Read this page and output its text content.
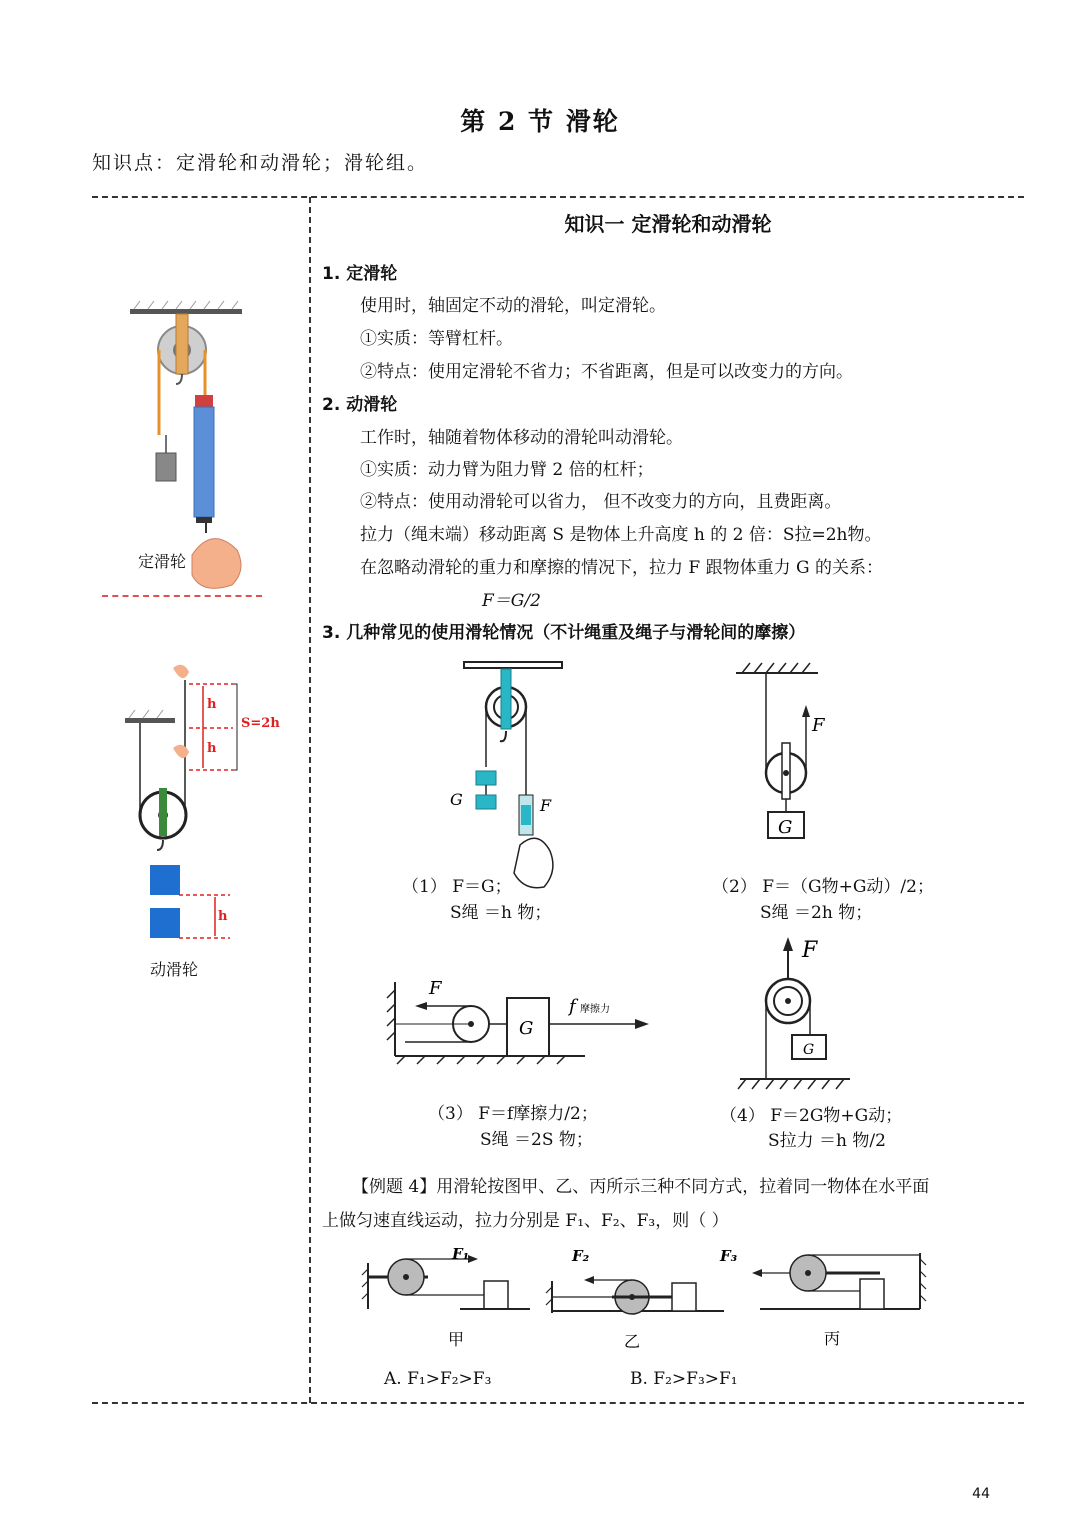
第 2 节 滑轮
知识点：定滑轮和动滑轮；滑轮组。
定滑轮
h
h
S=2h
h
动滑轮
知识一 定滑轮和动滑轮
1. 定滑轮
使用时，轴固定不动的滑轮，叫定滑轮。
①实质：等臂杠杆。
②特点：使用定滑轮不省力；不省距离，但是可以改变力的方向。
2. 动滑轮
工作时，轴随着物体移动的滑轮叫动滑轮。
①实质：动力臂为阻力臂 2 倍的杠杆；
②特点：使用动滑轮可以省力， 但不改变力的方向，且费距离。
拉力（绳末端）移动距离 S 是物体上升高度 h 的 2 倍：S拉=2h物。
在忽略动滑轮的重力和摩擦的情况下，拉力 F 跟物体重力 G 的关系：
F＝G/2
3. 几种常见的使用滑轮情况（不计绳重及绳子与滑轮间的摩擦）
G	F
（1） F＝G；
S绳 ＝h 物；
F
G
（2） F＝（G物+G动）/2；
S绳 ＝2h 物；
F
G
f 摩擦力
（3） F＝f摩擦力/2；
S绳 ＝2S 物；
F
G
（4） F＝2G物+G动；
S拉力 ＝h 物/2
【例题 4】用滑轮按图甲、乙、丙所示三种不同方式，拉着同一物体在水平面
上做匀速直线运动，拉力分别是 F₁、F₂、F₃，则（ ）
F₁
甲
F₂
乙
F₃
丙
A. F₁>F₂>F₃	B. F₂>F₃>F₁
44
